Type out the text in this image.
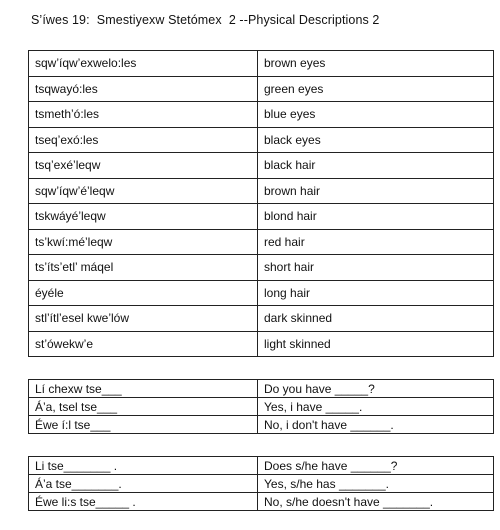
S’íwes 19:  Smestiyexw Stetómex  2 --Physical Descriptions 2
sqw’íqw’exwelo:les	brown eyes
tsqwayó:les	green eyes
tsmeth’ó:les	blue eyes
tseq’exó:les	black eyes
tsq’exé’leqw	black hair
sqw’íqw’é’leqw	brown hair
tskwáyé’leqw	blond hair
ts’kwí:mé’leqw	red hair
ts’íts’etl’ máqel	short hair
éyéle	long hair
stl’ítl’esel kwe’lów	dark skinned
st’ówekw’e	light skinned
Lí chexw tse___	Do you have _____?
Á’a, tsel tse___	Yes, i have _____.
Éwe í:l tse___	No, i don't have ______.
Li tse_______ .	Does s/he have ______?
Á’a tse_______.	Yes, s/he has _______.
Éwe li:s tse_____ .	No, s/he doesn't have _______.
